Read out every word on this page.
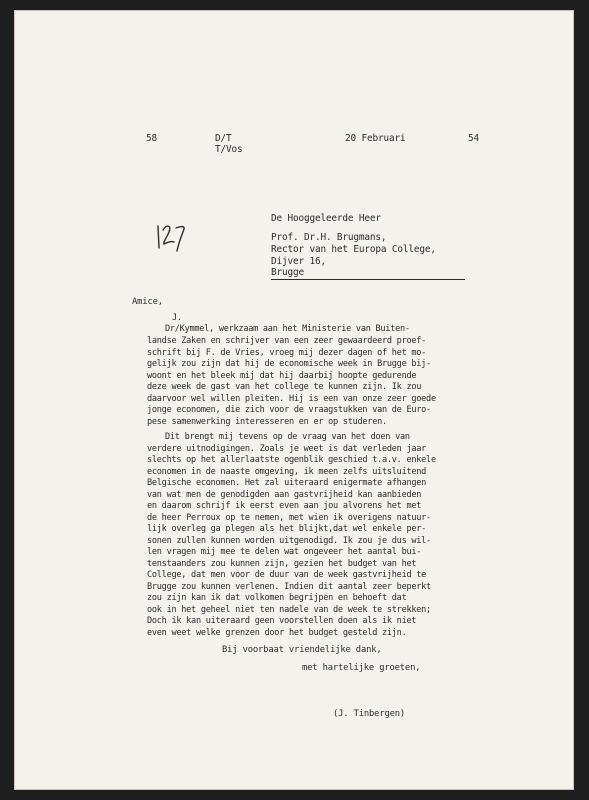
58	D/T
T/Vos
20 Februari	54
De Hooggeleerde Heer
Prof. Dr.H. Brugmans,
Rector van het Europa College,
Dijver 16,
Brugge
Amice,
J.
Dr/Kymmel, werkzaam aan het Ministerie van Buiten-
landse Zaken en schrijver van een zeer gewaardeerd proef-
schrift bij F. de Vries, vroeg mij dezer dagen of het mo-
gelijk zou zijn dat hij de economische week in Brugge bij-
woont en het bleek mij dat hij daarbij hoopte gedurende
deze week de gast van het college te kunnen zijn. Ik zou
daarvoor wel willen pleiten. Hij is een van onze zeer goede
jonge economen, die zich voor de vraagstukken van de Euro-
pese samenwerking interesseren en er op studeren.
Dit brengt mij tevens op de vraag van het doen van
verdere uitnodigingen. Zoals je weet is dat verleden jaar
slechts op het allerlaatste ogenblik geschied t.a.v. enkele
economen in de naaste omgeving, ik meen zelfs uitsluitend
Belgische economen. Het zal uiteraard enigermate afhangen
van wat men de genodigden aan gastvrijheid kan aanbieden
en daarom schrijf ik eerst even aan jou alvorens het met
de heer Perroux op te nemen, met wien ik overigens natuur-
lijk overleg ga plegen als het blijkt,dat wel enkele per-
sonen zullen kunnen worden uitgenodigd. Ik zou je dus wil-
len vragen mij mee te delen wat ongeveer het aantal bui-
tenstaanders zou kunnen zijn, gezien het budget van het
College, dat men voor de duur van de week gastvrijheid te
Brugge zou kunnen verlenen. Indien dit aantal zeer beperkt
zou zijn kan ik dat volkomen begrijpen en behoeft dat
ook in het geheel niet ten nadele van de week te strekken;
Doch ik kan uiteraard geen voorstellen doen als ik niet
even weet welke grenzen door het budget gesteld zijn.
Bij voorbaat vriendelijke dank,
met hartelijke groeten,
(J. Tinbergen)
